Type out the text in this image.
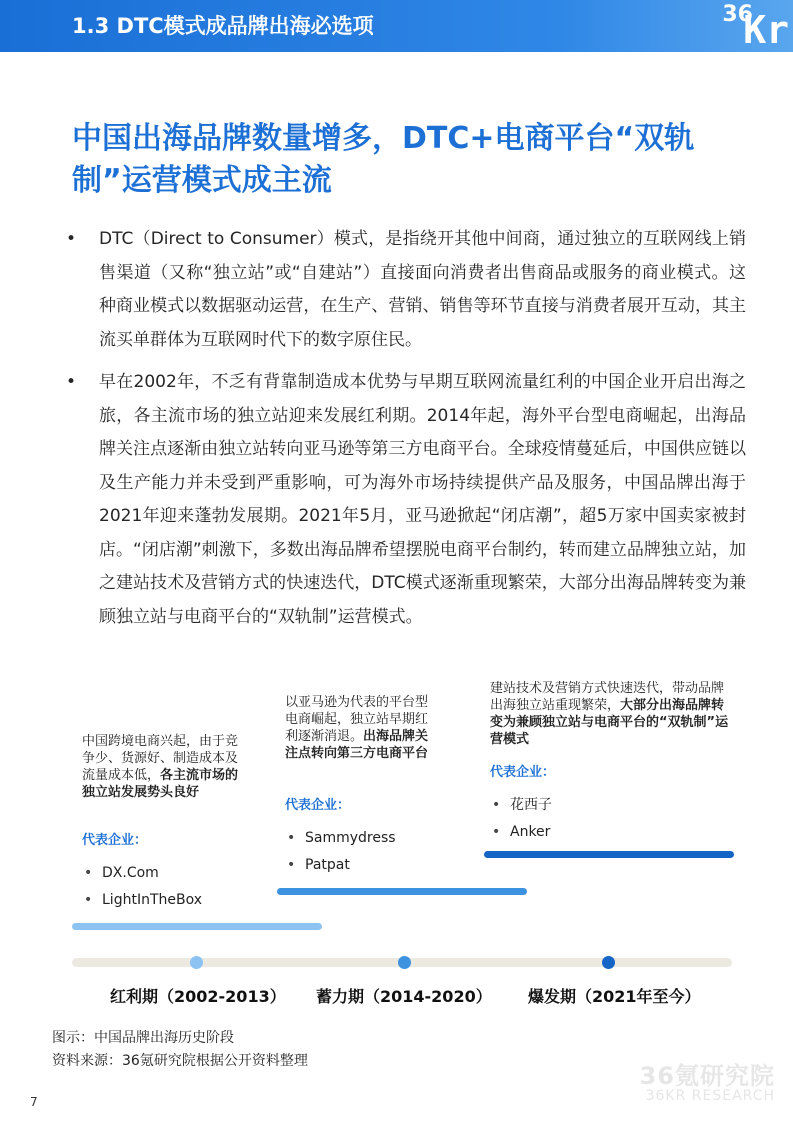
1.3 DTC模式成品牌出海必选项	36
Kr
中国出海品牌数量增多，DTC+电商平台“双轨制”运营模式成主流
• DTC（Direct to Consumer）模式，是指绕开其他中间商，通过独立的互联网线上销售渠道（又称“独立站”或“自建站”）直接面向消费者出售商品或服务的商业模式。这种商业模式以数据驱动运营，在生产、营销、销售等环节直接与消费者展开互动，其主流买单群体为互联网时代下的数字原住民。
• 早在2002年，不乏有背靠制造成本优势与早期互联网流量红利的中国企业开启出海之旅，各主流市场的独立站迎来发展红利期。2014年起，海外平台型电商崛起，出海品牌关注点逐渐由独立站转向亚马逊等第三方电商平台。全球疫情蔓延后，中国供应链以及生产能力并未受到严重影响，可为海外市场持续提供产品及服务，中国品牌出海于2021年迎来蓬勃发展期。2021年5月，亚马逊掀起“闭店潮”，超5万家中国卖家被封店。“闭店潮”刺激下，多数出海品牌希望摆脱电商平台制约，转而建立品牌独立站，加之建站技术及营销方式的快速迭代，DTC模式逐渐重现繁荣，大部分出海品牌转变为兼顾独立站与电商平台的“双轨制”运营模式。
中国跨境电商兴起，由于竞争少、货源好、制造成本及流量成本低，各主流市场的独立站发展势头良好
代表企业：
• DX.Com
• LightInTheBox
以亚马逊为代表的平台型电商崛起，独立站早期红利逐渐消退。出海品牌关注点转向第三方电商平台
代表企业：
• Sammydress
• Patpat
建站技术及营销方式快速迭代，带动品牌出海独立站重现繁荣，大部分出海品牌转变为兼顾独立站与电商平台的“双轨制”运营模式
代表企业：
• 花西子
• Anker
红利期（2002-2013） 蓄力期（2014-2020） 爆发期（2021年至今）
图示：中国品牌出海历史阶段
资料来源：36氪研究院根据公开资料整理
36氪研究院
36KR RESEARCH
7
